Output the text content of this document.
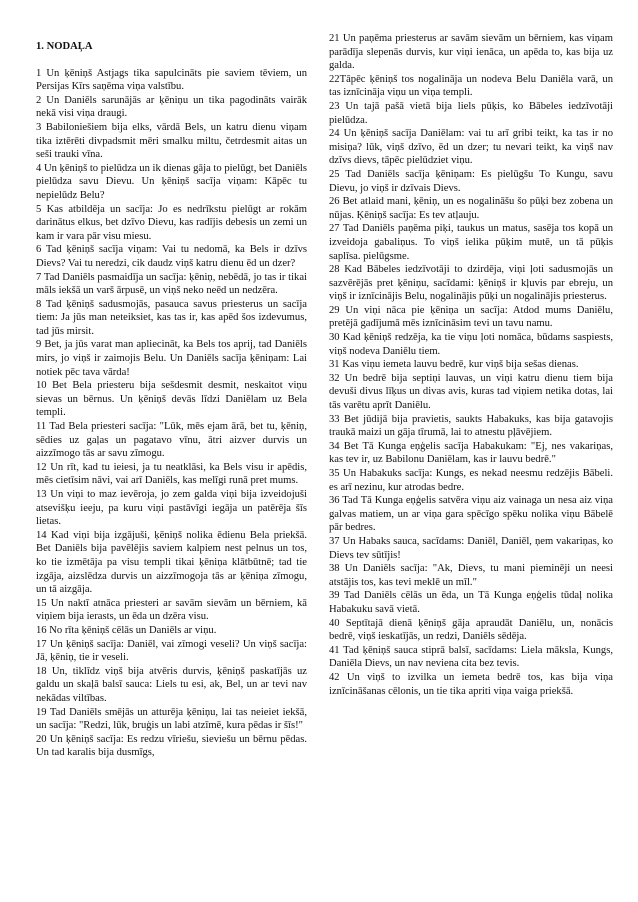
1. NODAĻA

1 Un ķēniņš Astjags tika sapulcināts pie saviem tēviem, un Persijas Kīrs saņēma viņa valstību.

2 Un Daniēls sarunājās ar ķēniņu un tika pagodināts vairāk nekā visi viņa draugi.

3 Babiloniešiem bija elks, vārdā Bels, un katru dienu viņam tika iztērēti divpadsmit mēri smalku miltu, četrdesmit aitas un seši trauki vīna.

4 Un ķēniņš to pielūdza un ik dienas gāja to pielūgt, bet Daniēls pielūdza savu Dievu. Un ķēniņš sacīja viņam: Kāpēc tu nepielūdz Belu?

5 Kas atbildēja un sacīja: Jo es nedrīkstu pielūgt ar rokām darinātus elkus, bet dzīvo Dievu, kas radījis debesis un zemi un kam ir vara pār visu miesu.

6 Tad ķēniņš sacīja viņam: Vai tu nedomā, ka Bels ir dzīvs Dievs? Vai tu neredzi, cik daudz viņš katru dienu ēd un dzer?

7 Tad Daniēls pasmaidīja un sacīja: ķēniņ, nebēdā, jo tas ir tikai māls iekšā un varš ārpusē, un viņš neko neēd un nedzēra.

8 Tad ķēniņš sadusmojās, pasauca savus priesterus un sacīja tiem: Ja jūs man neteiksiet, kas tas ir, kas apēd šos izdevumus, tad jūs mirsit.

9 Bet, ja jūs varat man apliecināt, ka Bels tos aprij, tad Daniēls mirs, jo viņš ir zaimojis Belu. Un Daniēls sacīja ķēniņam: Lai notiek pēc tava vārda!

10 Bet Bela priesteru bija sešdesmit desmit, neskaitot viņu sievas un bērnus. Un ķēniņš devās līdzi Daniēlam uz Bela templi.

11 Tad Bela priesteri sacīja: "Lūk, mēs ejam ārā, bet tu, ķēniņ, sēdies uz gaļas un pagatavo vīnu, ātri aizver durvis un aizzīmogo tās ar savu zīmogu.

12 Un rīt, kad tu ieiesi, ja tu neatklāsi, ka Bels visu ir apēdis, mēs cietīsim nāvi, vai arī Daniēls, kas melīgi runā pret mums.

13 Un viņi to maz ievēroja, jo zem galda viņi bija izveidojuši atsevišķu ieeju, pa kuru viņi pastāvīgi iegāja un patērēja šīs lietas.

14 Kad viņi bija izgājuši, ķēniņš nolika ēdienu Bela priekšā. Bet Daniēls bija pavēlējis saviem kalpiem nest pelnus un tos, ko tie izmētāja pa visu templi tikai ķēniņa klātbūtnē; tad tie izgāja, aizslēdza durvis un aizzīmogoja tās ar ķēniņa zīmogu, un tā aizgāja.

15 Un naktī atnāca priesteri ar savām sievām un bērniem, kā viņiem bija ierasts, un ēda un dzēra visu.

16 No rīta ķēniņš cēlās un Daniēls ar viņu.

17 Un ķēniņš sacīja: Daniēl, vai zīmogi veseli? Un viņš sacīja: Jā, ķēniņ, tie ir veseli.

18 Un, tiklīdz viņš bija atvēris durvis, ķēniņš paskatījās uz galdu un skaļā balsī sauca: Liels tu esi, ak, Bel, un ar tevi nav nekādas viltības.

19 Tad Daniēls smējās un atturēja ķēniņu, lai tas neieiet iekšā, un sacīja: "Redzi, lūk, bruģis un labi atzīmē, kura pēdas ir šīs!"

20 Un ķēniņš sacīja: Es redzu vīriešu, sieviešu un bērnu pēdas. Un tad karalis bija dusmīgs,

21 Un paņēma priesterus ar savām sievām un bērniem, kas viņam parādīja slepenās durvis, kur viņi ienāca, un apēda to, kas bija uz galda.

22Tāpēc ķēniņš tos nogalināja un nodeva Belu Daniēla varā, un tas iznīcināja viņu un viņa templi.

23 Un tajā pašā vietā bija liels pūķis, ko Bābeles iedzīvotāji pielūdza.

24 Un ķēniņš sacīja Daniēlam: vai tu arī gribi teikt, ka tas ir no misiņa? lūk, viņš dzīvo, ēd un dzer; tu nevari teikt, ka viņš nav dzīvs dievs, tāpēc pielūdziet viņu.

25 Tad Daniēls sacīja ķēniņam: Es pielūgšu To Kungu, savu Dievu, jo viņš ir dzīvais Dievs.

26 Bet atlaid mani, ķēniņ, un es nogalināšu šo pūķi bez zobena un nūjas. Ķēniņš sacīja: Es tev atļauju.

27 Tad Daniēls paņēma piķi, taukus un matus, sasēja tos kopā un izveidoja gabaliņus. To viņš ielika pūķim mutē, un tā pūķis saplīsa. pielūgsme.

28 Kad Bābeles iedzīvotāji to dzirdēja, viņi ļoti sadusmojās un sazvērējās pret ķēniņu, sacīdami: ķēniņš ir kļuvis par ebreju, un viņš ir iznīcinājis Belu, nogalinājis pūķi un nogalinājis priesterus.

29 Un viņi nāca pie ķēniņa un sacīja: Atdod mums Daniēlu, pretējā gadījumā mēs iznīcināsim tevi un tavu namu.

30 Kad ķēniņš redzēja, ka tie viņu ļoti nomāca, būdams saspiests, viņš nodeva Daniēlu tiem.

31 Kas viņu iemeta lauvu bedrē, kur viņš bija sešas dienas.

32 Un bedrē bija septiņi lauvas, un viņi katru dienu tiem bija devuši divus līķus un divas avis, kuras tad viņiem netika dotas, lai tās varētu aprīt Daniēlu.

33 Bet jūdijā bija pravietis, saukts Habakuks, kas bija gatavojis traukā maizi un gāja tīrumā, lai to atnestu pļāvējiem.

34 Bet Tā Kunga eņģelis sacīja Habakukam: "Ej, nes vakariņas, kas tev ir, uz Babilonu Daniēlam, kas ir lauvu bedrē."

35 Un Habakuks sacīja: Kungs, es nekad neesmu redzējis Bābeli. es arī nezinu, kur atrodas bedre.

36 Tad Tā Kunga eņģelis satvēra viņu aiz vainaga un nesa aiz viņa galvas matiem, un ar viņa gara spēcīgo spēku nolika viņu Bābelē pār bedres.

37 Un Habaks sauca, sacīdams: Daniēl, Daniēl, ņem vakariņas, ko Dievs tev sūtījis!

38 Un Daniēls sacīja: "Ak, Dievs, tu mani pieminēji un neesi atstājis tos, kas tevi meklē un mīl."

39 Tad Daniēls cēlās un ēda, un Tā Kunga eņģelis tūdaļ nolika Habakuku savā vietā.

40 Septītajā dienā ķēniņš gāja apraudāt Daniēlu, un, nonācis bedrē, viņš ieskatījās, un redzi, Daniēls sēdēja.

41 Tad ķēniņš sauca stiprā balsī, sacīdams: Liela māksla, Kungs, Daniēla Dievs, un nav neviena cita bez tevis.

42 Un viņš to izvilka un iemeta bedrē tos, kas bija viņa iznīcināšanas cēlonis, un tie tika apriti viņa vaiga priekšā.
